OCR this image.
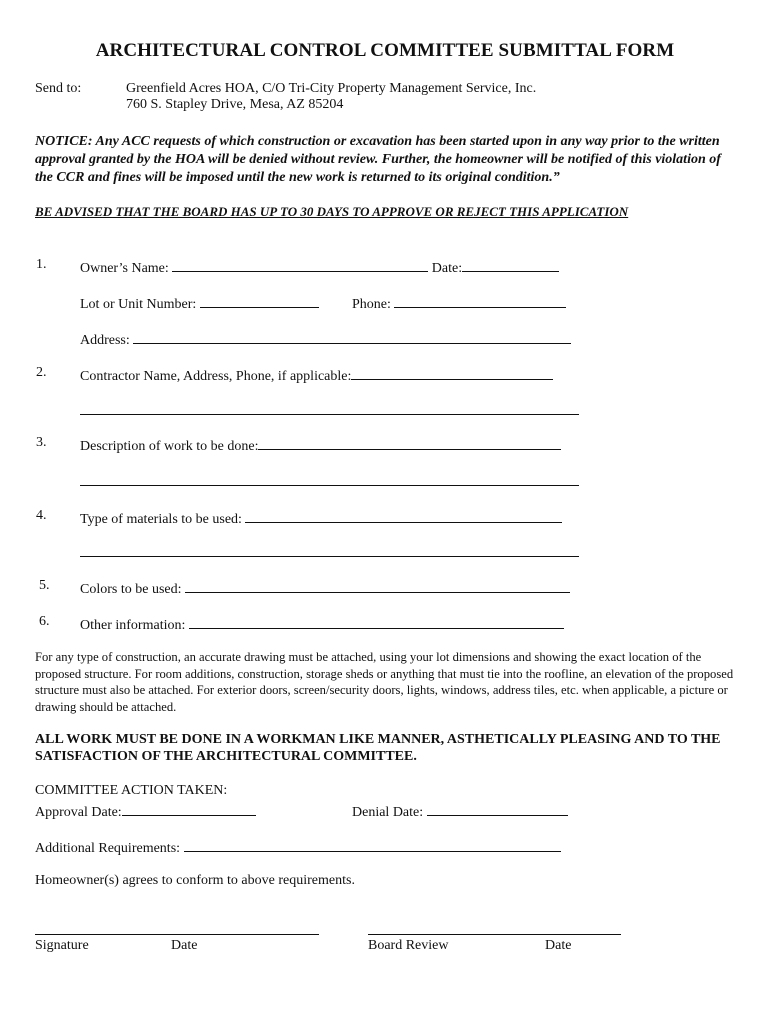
ARCHITECTURAL CONTROL COMMITTEE SUBMITTAL FORM
Send to:	Greenfield Acres HOA, C/O Tri-City Property Management Service, Inc.
760 S. Stapley Drive, Mesa, AZ 85204
NOTICE: Any ACC requests of which construction or excavation has been started upon in any way prior to the written approval granted by the HOA will be denied without review. Further, the homeowner will be notified of this violation of the CCR and fines will be imposed until the new work is returned to its original condition.”
BE ADVISED THAT THE BOARD HAS UP TO 30 DAYS TO APPROVE OR REJECT THIS APPLICATION
1. Owner’s Name:	Date:
Lot or Unit Number:	Phone:
Address:
2. Contractor Name, Address, Phone, if applicable:
3. Description of work to be done:
4. Type of materials to be used:
5. Colors to be used:
6. Other information:
For any type of construction, an accurate drawing must be attached, using your lot dimensions and showing the exact location of the proposed structure. For room additions, construction, storage sheds or anything that must tie into the roofline, an elevation of the proposed structure must also be attached. For exterior doors, screen/security doors, lights, windows, address tiles, etc. when applicable, a picture or drawing should be attached.
ALL WORK MUST BE DONE IN A WORKMAN LIKE MANNER, ASTHETICALLY PLEASING AND TO THE SATISFACTION OF THE ARCHITECTURAL COMMITTEE.
COMMITTEE ACTION TAKEN:
Approval Date:	Denial Date:
Additional Requirements:
Homeowner(s) agrees to conform to above requirements.
Signature	Date	Board Review	Date
